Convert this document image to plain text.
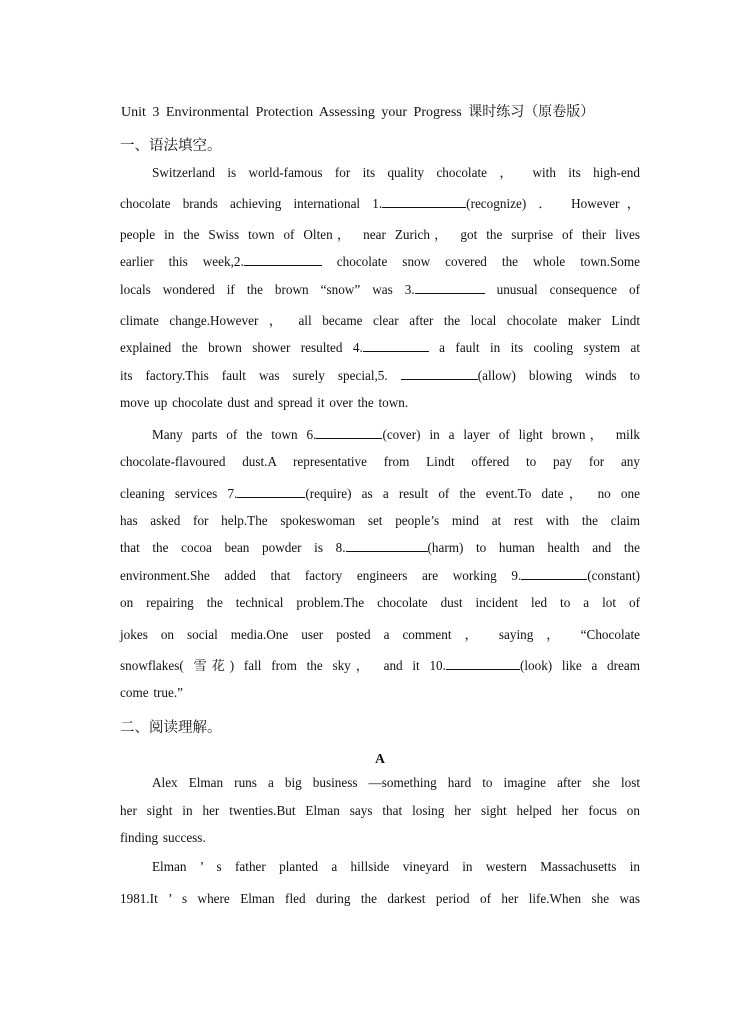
Unit 3 Environmental Protection Assessing your Progress 课时练习（原卷版）
一、语法填空。
Switzerland is world-famous for its quality chocolate ， with its high-end
chocolate brands achieving international 1.	(recognize) ． However，
people in the Swiss town of Olten， near Zurich， got the surprise of their lives
earlier this week,2.	chocolate snow covered the whole town.Some
locals wondered if the brown “snow” was 3.	unusual consequence of
climate change.However ， all became clear after the local chocolate maker Lindt
explained the brown shower resulted 4.	a fault in its cooling system at
its factory.This fault was surely special,5.	(allow) blowing winds to
move up chocolate dust and spread it over the town.
Many parts of the town 6.	(cover) in a layer of light brown， milk
chocolate-flavoured dust.A representative from Lindt offered to pay for any
cleaning services 7.	(require) as a result of the event.To date， no one
has asked for help.The spokeswoman set people’s mind at rest with the claim
that the cocoa bean powder is 8.	(harm) to human health and the
environment.She added that factory engineers are working 9.	(constant)
on repairing the technical problem.The chocolate dust incident led to a lot of
jokes on social media.One user posted a comment ， saying ， “Chocolate
snowflakes( 雪花) fall from the sky， and it 10.	(look) like a dream
come true.”
二、阅读理解。
A
Alex Elman runs a big business —something hard to imagine after she lost
her sight in her twenties.But Elman says that losing her sight helped her focus on
finding success.
Elman ’ s father planted a hillside vineyard in western Massachusetts in
1981.It ’ s where Elman fled during the darkest period of her life.When she was
